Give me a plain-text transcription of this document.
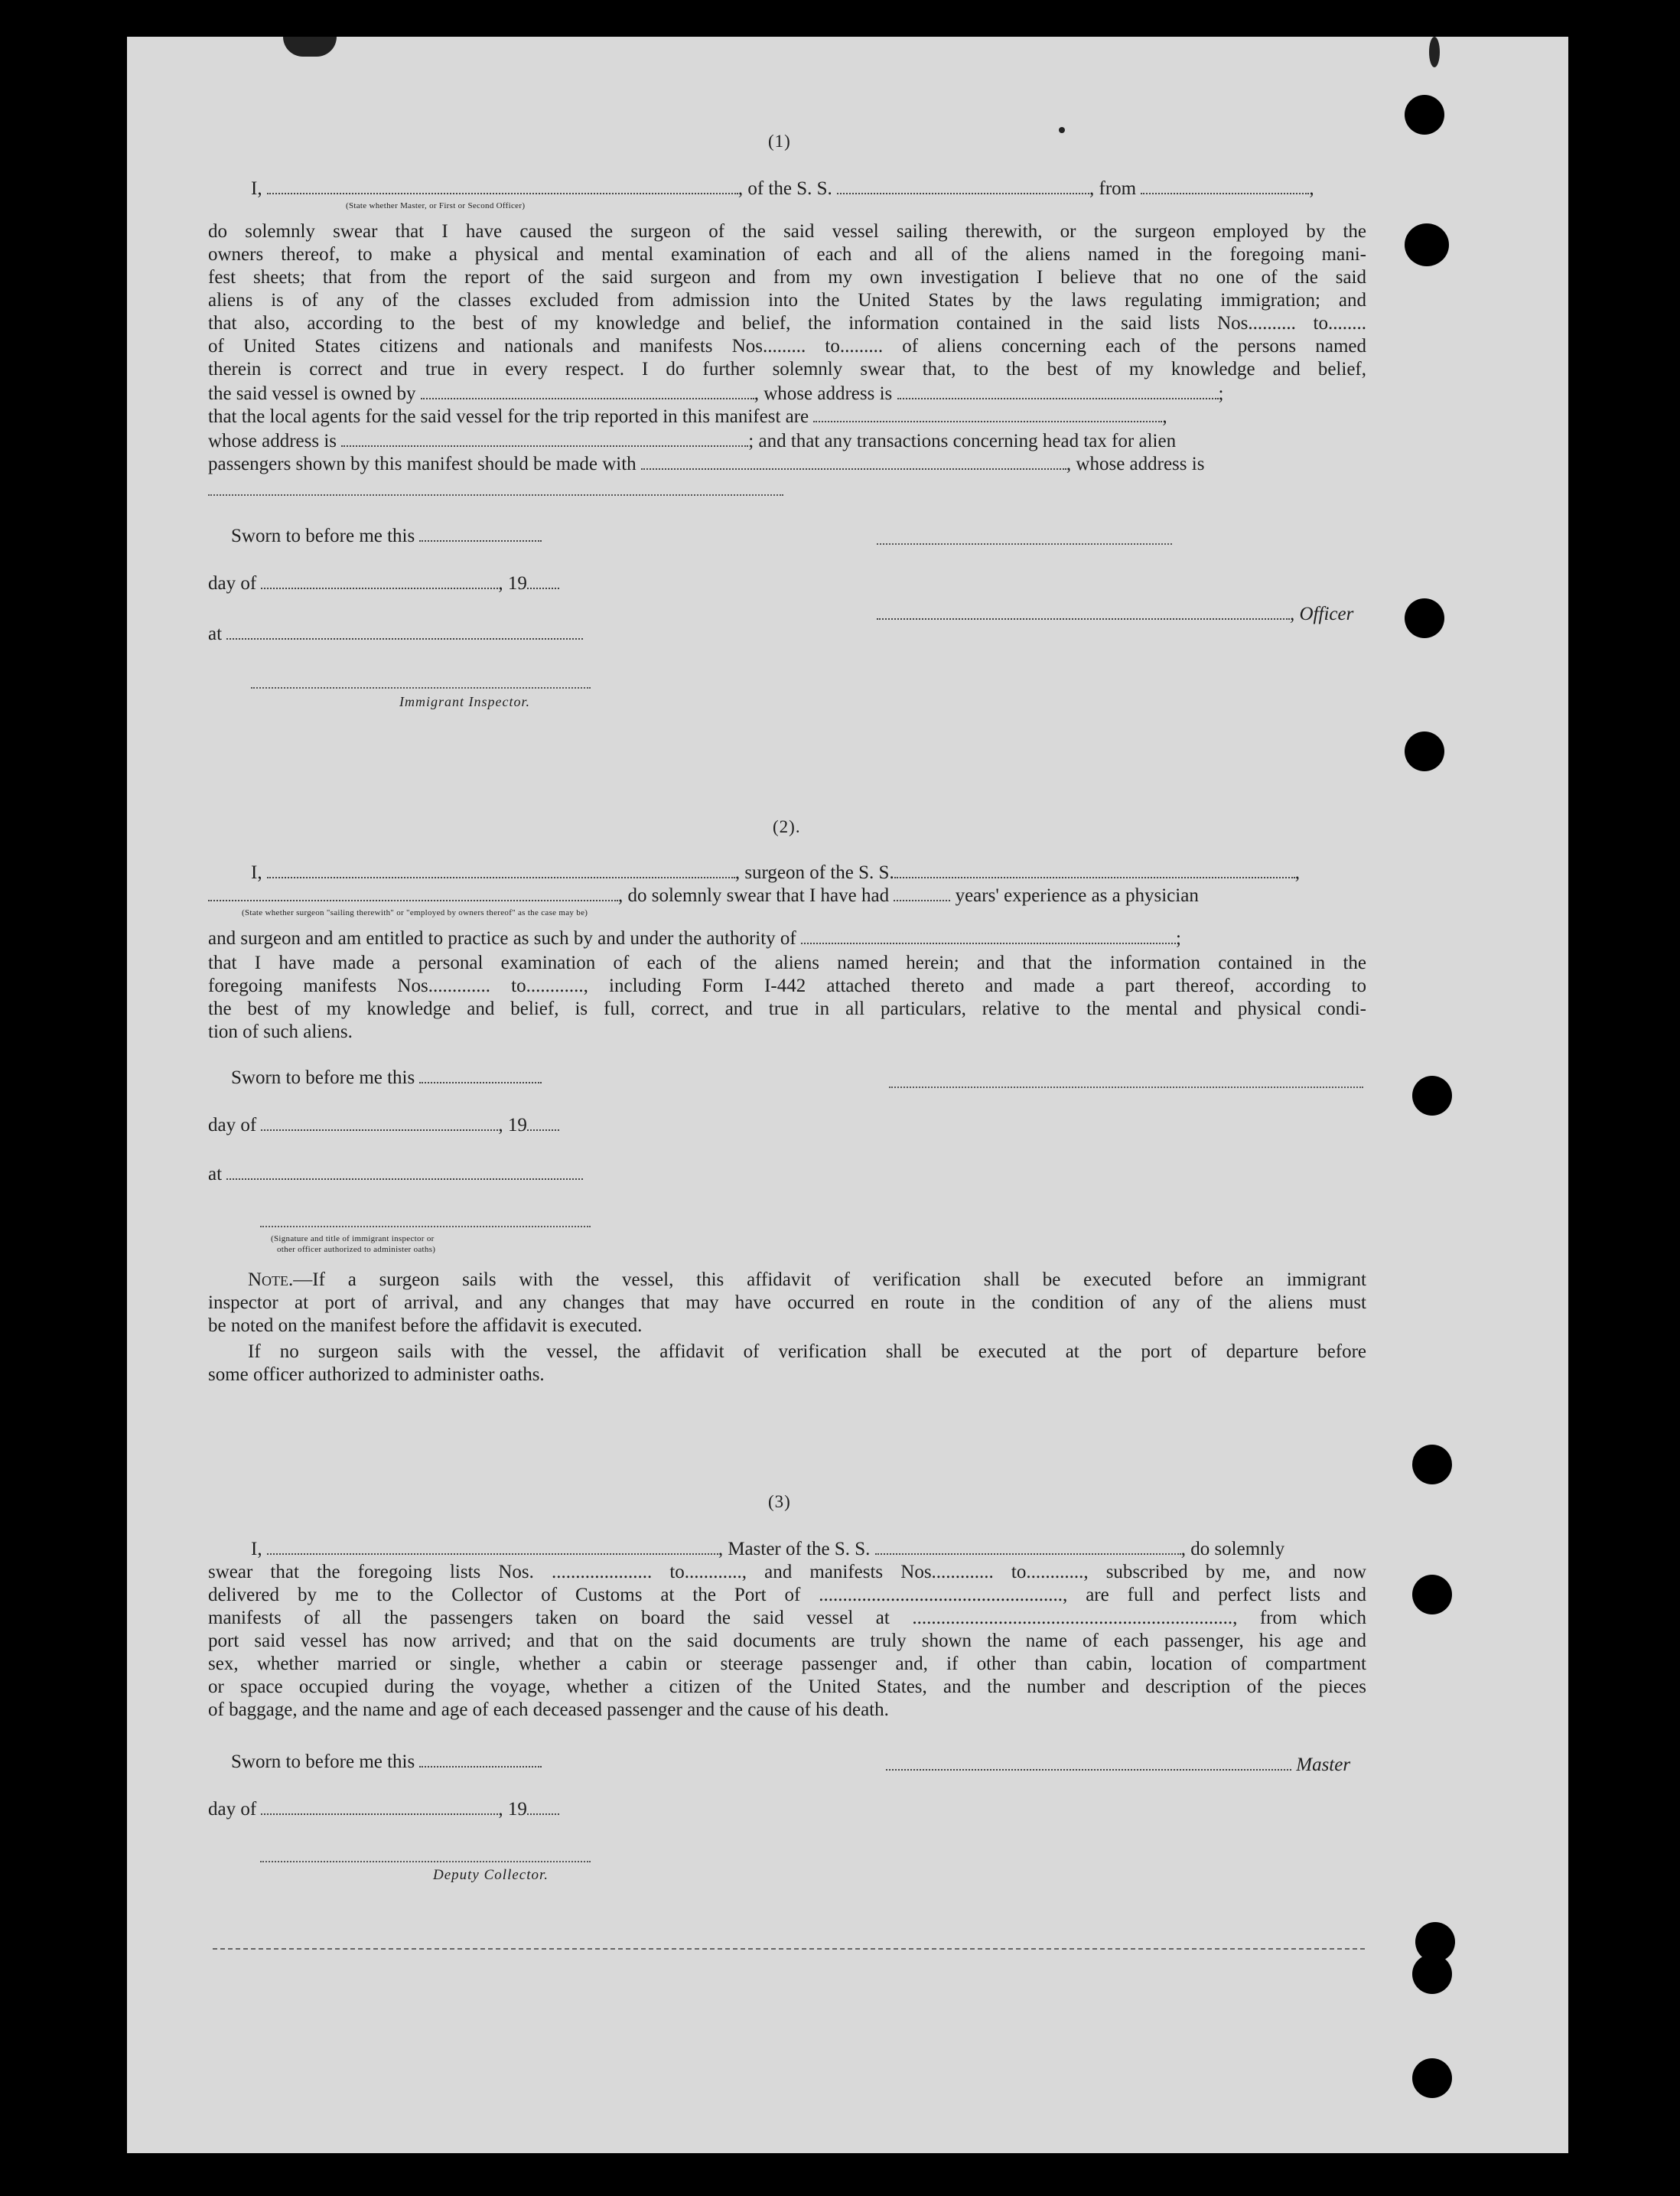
(1)
I,	, of the S. S.	, from	,
(State whether Master, or First or Second Officer)
do solemnly swear that I have caused the surgeon of the said vessel sailing therewith, or the surgeon employed by the
owners thereof, to make a physical and mental examination of each and all of the aliens named in the foregoing mani-
fest sheets; that from the report of the said surgeon and from my own investigation I believe that no one of the said
aliens is of any of the classes excluded from admission into the United States by the laws regulating immigration; and
that also, according to the best of my knowledge and belief, the information contained in the said lists Nos.......... to........
of United States citizens and nationals and manifests Nos......... to......... of aliens concerning each of the persons named
therein is correct and true in every respect. I do further solemnly swear that, to the best of my knowledge and belief,
the said vessel is owned by	, whose address is	;
that the local agents for the said vessel for the trip reported in this manifest are	,
whose address is	; and that any transactions concerning head tax for alien
passengers shown by this manifest should be made with	, whose address is
Sworn to before me this
day of	, 19
, Officer
at
Immigrant Inspector.
(2).
I,	, surgeon of the S. S.	,
, do solemnly swear that I have had	years' experience as a physician
(State whether surgeon "sailing therewith" or "employed by owners thereof" as the case may be)
and surgeon and am entitled to practice as such by and under the authority of	;
that I have made a personal examination of each of the aliens named herein; and that the information contained in the
foregoing manifests Nos............. to............, including Form I-442 attached thereto and made a part thereof, according to
the best of my knowledge and belief, is full, correct, and true in all particulars, relative to the mental and physical condi-
tion of such aliens.
Sworn to before me this
day of	, 19
at
(Signature and title of immigrant inspector or
other officer authorized to administer oaths)
Note.—If a surgeon sails with the vessel, this affidavit of verification shall be executed before an immigrant
inspector at port of arrival, and any changes that may have occurred en route in the condition of any of the aliens must
be noted on the manifest before the affidavit is executed.
If no surgeon sails with the vessel, the affidavit of verification shall be executed at the port of departure before
some officer authorized to administer oaths.
(3)
I,	, Master of the S. S.	, do solemnly
swear that the foregoing lists Nos. ..................... to............, and manifests Nos............. to............, subscribed by me, and now
delivered by me to the Collector of Customs at the Port of ..................................................., are full and perfect lists and
manifests of all the passengers taken on board the said vessel at ..................................................................., from which
port said vessel has now arrived; and that on the said documents are truly shown the name of each passenger, his age and
sex, whether married or single, whether a cabin or steerage passenger and, if other than cabin, location of compartment
or space occupied during the voyage, whether a citizen of the United States, and the number and description of the pieces
of baggage, and the name and age of each deceased passenger and the cause of his death.
Sworn to before me this	Master
day of	, 19
Deputy Collector.
